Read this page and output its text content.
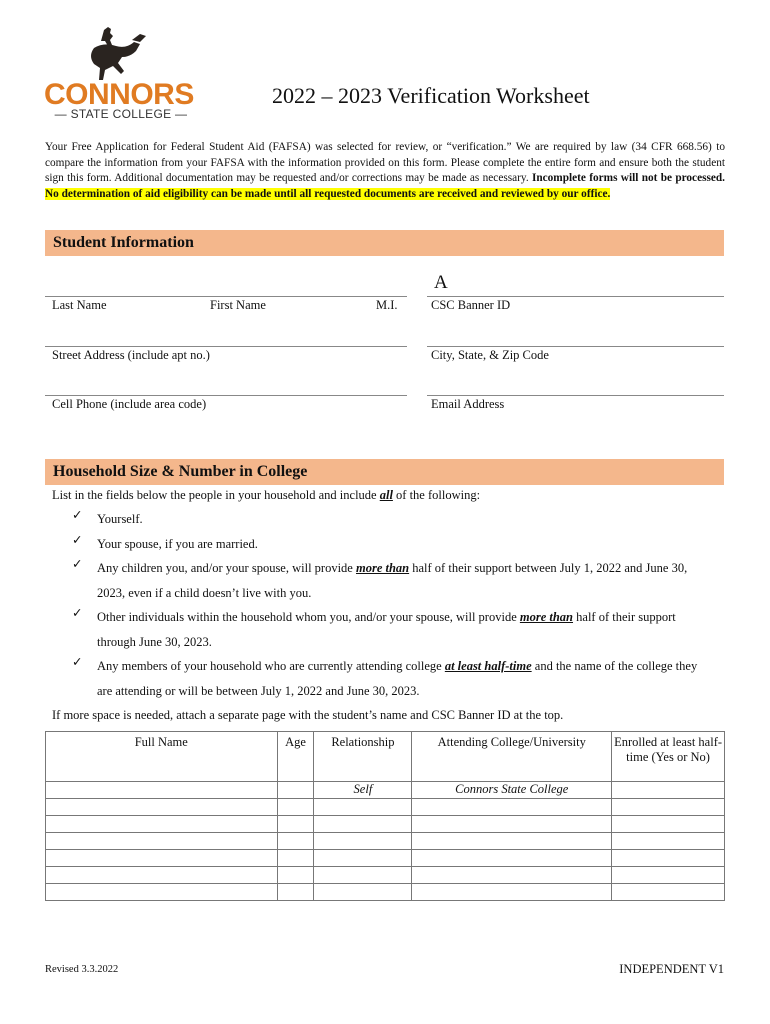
CONNORS
— STATE COLLEGE —
2022 – 2023 Verification Worksheet
Your Free Application for Federal Student Aid (FAFSA) was selected for review, or “verification.” We are required by law (34 CFR 668.56) to compare the information from your FAFSA with the information provided on this form. Please complete the entire form and ensure both the student sign this form. Additional documentation may be requested and/or corrections may be made as necessary. Incomplete forms will not be processed. No determination of aid eligibility can be made until all requested documents are received and reviewed by our office.
Student Information
A
Last Name	First Name	M.I.	CSC Banner ID
Street Address (include apt no.)	City, State, & Zip Code
Cell Phone (include area code)	Email Address
Household Size & Number in College
List in the fields below the people in your household and include all of the following:
✓ Yourself.
✓ Your spouse, if you are married.
✓ Any children you, and/or your spouse, will provide more than half of their support between July 1, 2022 and June 30, 2023, even if a child doesn’t live with you.
✓ Other individuals within the household whom you, and/or your spouse, will provide more than half of their support through June 30, 2023.
✓ Any members of your household who are currently attending college at least half-time and the name of the college they are attending or will be between July 1, 2022 and June 30, 2023.
If more space is needed, attach a separate page with the student’s name and CSC Banner ID at the top.
Full Name	Age	Relationship	Attending College/University	Enrolled at least half-time (Yes or No)
		Self	Connors State College	

Revised 3.3.2022	INDEPENDENT V1
